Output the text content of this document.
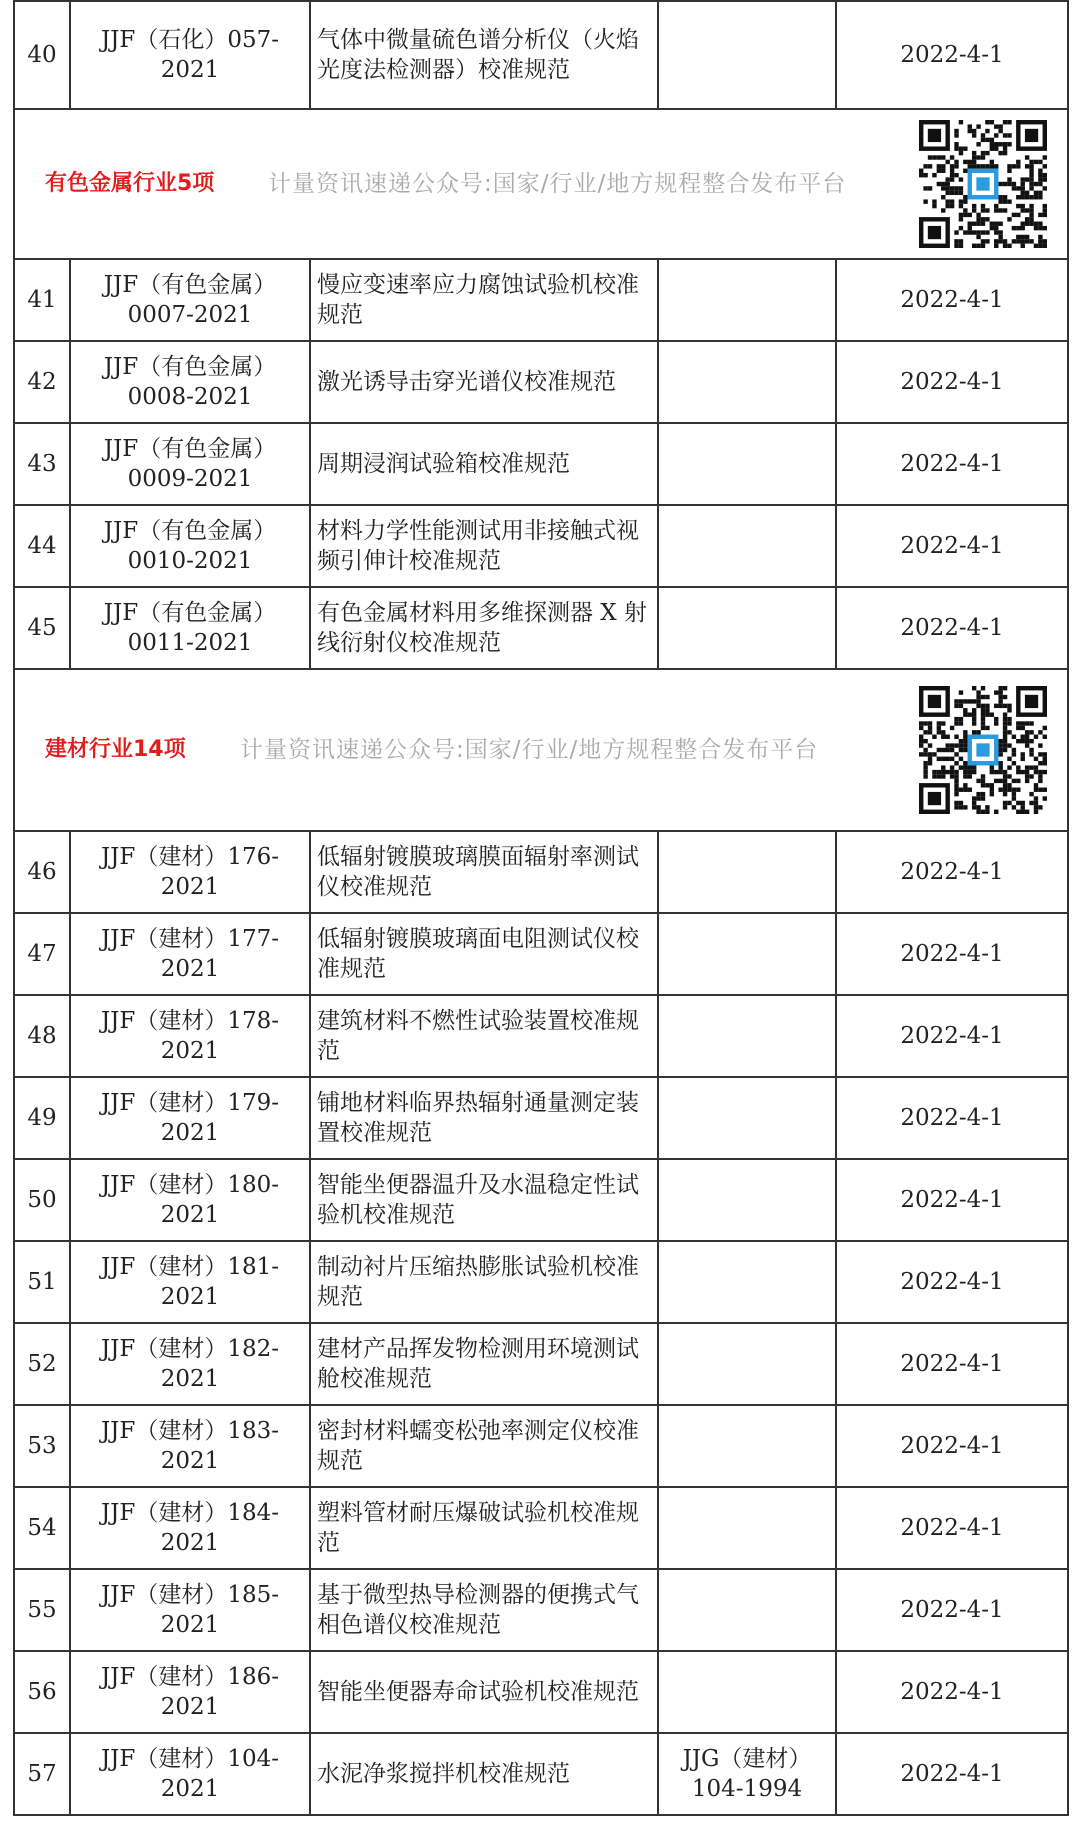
40	JJF（石化）057-2021	气体中微量硫色谱分析仪（火焰光度法检测器）校准规范		2022-4-1

有色金属行业5项 计量资讯速递公众号:国家/行业/地方规程整合发布平台				

41	JJF（有色金属）0007-2021	慢应变速率应力腐蚀试验机校准规范		2022-4-1
42	JJF（有色金属）0008-2021	激光诱导击穿光谱仪校准规范		2022-4-1
43	JJF（有色金属）0009-2021	周期浸润试验箱校准规范		2022-4-1
44	JJF（有色金属）0010-2021	材料力学性能测试用非接触式视频引伸计校准规范		2022-4-1
45	JJF（有色金属）0011-2021	有色金属材料用多维探测器 X 射线衍射仪校准规范		2022-4-1

建材行业14项 计量资讯速递公众号:国家/行业/地方规程整合发布平台				

46	JJF（建材）176-2021	低辐射镀膜玻璃膜面辐射率测试仪校准规范		2022-4-1
47	JJF（建材）177-2021	低辐射镀膜玻璃面电阻测试仪校准规范		2022-4-1
48	JJF（建材）178-2021	建筑材料不燃性试验装置校准规范		2022-4-1
49	JJF（建材）179-2021	铺地材料临界热辐射通量测定装置校准规范		2022-4-1
50	JJF（建材）180-2021	智能坐便器温升及水温稳定性试验机校准规范		2022-4-1
51	JJF（建材）181-2021	制动衬片压缩热膨胀试验机校准规范		2022-4-1
52	JJF（建材）182-2021	建材产品挥发物检测用环境测试舱校准规范		2022-4-1
53	JJF（建材）183-2021	密封材料蠕变松弛率测定仪校准规范		2022-4-1
54	JJF（建材）184-2021	塑料管材耐压爆破试验机校准规范		2022-4-1
55	JJF（建材）185-2021	基于微型热导检测器的便携式气相色谱仪校准规范		2022-4-1
56	JJF（建材）186-2021	智能坐便器寿命试验机校准规范		2022-4-1
57	JJF（建材）104-2021	水泥净浆搅拌机校准规范	JJG（建材）104-1994	2022-4-1
